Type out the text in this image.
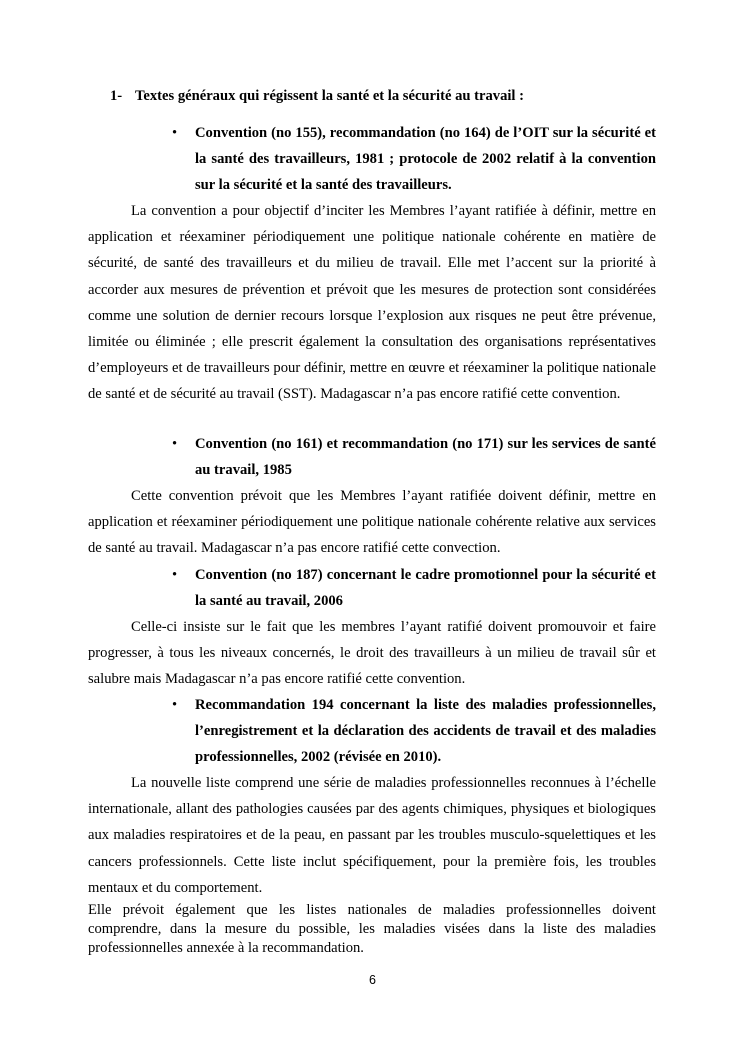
1- Textes généraux qui régissent la santé et la sécurité au travail :
• Convention (no 155), recommandation (no 164) de l’OIT sur la sécurité et la santé des travailleurs, 1981 ; protocole de 2002 relatif à la convention sur la sécurité et la santé des travailleurs.
La convention a pour objectif d’inciter les Membres l’ayant ratifiée à définir, mettre en application et réexaminer périodiquement une politique nationale cohérente en matière de sécurité, de santé des travailleurs et du milieu de travail. Elle met l’accent sur la priorité à accorder aux mesures de prévention et prévoit que les mesures de protection sont considérées comme une solution de dernier recours lorsque l’explosion aux risques ne peut être prévenue, limitée ou éliminée ; elle prescrit également la consultation des organisations représentatives d’employeurs et de travailleurs pour définir, mettre en œuvre et réexaminer la politique nationale de santé et de sécurité au travail (SST). Madagascar n’a pas encore ratifié cette convention.
• Convention (no 161) et recommandation (no 171) sur les services de santé au travail, 1985
Cette convention prévoit que les Membres l’ayant ratifiée doivent définir, mettre en application et réexaminer périodiquement une politique nationale cohérente relative aux services de santé au travail. Madagascar n’a pas encore ratifié cette convection.
• Convention (no 187) concernant le cadre promotionnel pour la sécurité et la santé au travail, 2006
Celle-ci insiste sur le fait que les membres l’ayant ratifié doivent promouvoir et faire progresser, à tous les niveaux concernés, le droit des travailleurs à un milieu de travail sûr et salubre mais Madagascar n’a pas encore ratifié cette convention.
• Recommandation 194 concernant la liste des maladies professionnelles, l’enregistrement et la déclaration des accidents de travail et des maladies professionnelles, 2002 (révisée en 2010).
La nouvelle liste comprend une série de maladies professionnelles reconnues à l’échelle internationale, allant des pathologies causées par des agents chimiques, physiques et biologiques aux maladies respiratoires et de la peau, en passant par les troubles musculo-squelettiques et les cancers professionnels. Cette liste inclut spécifiquement, pour la première fois, les troubles mentaux et du comportement.
Elle prévoit également que les listes nationales de maladies professionnelles doivent comprendre, dans la mesure du possible, les maladies visées dans la liste des maladies professionnelles annexée à la recommandation.
6
